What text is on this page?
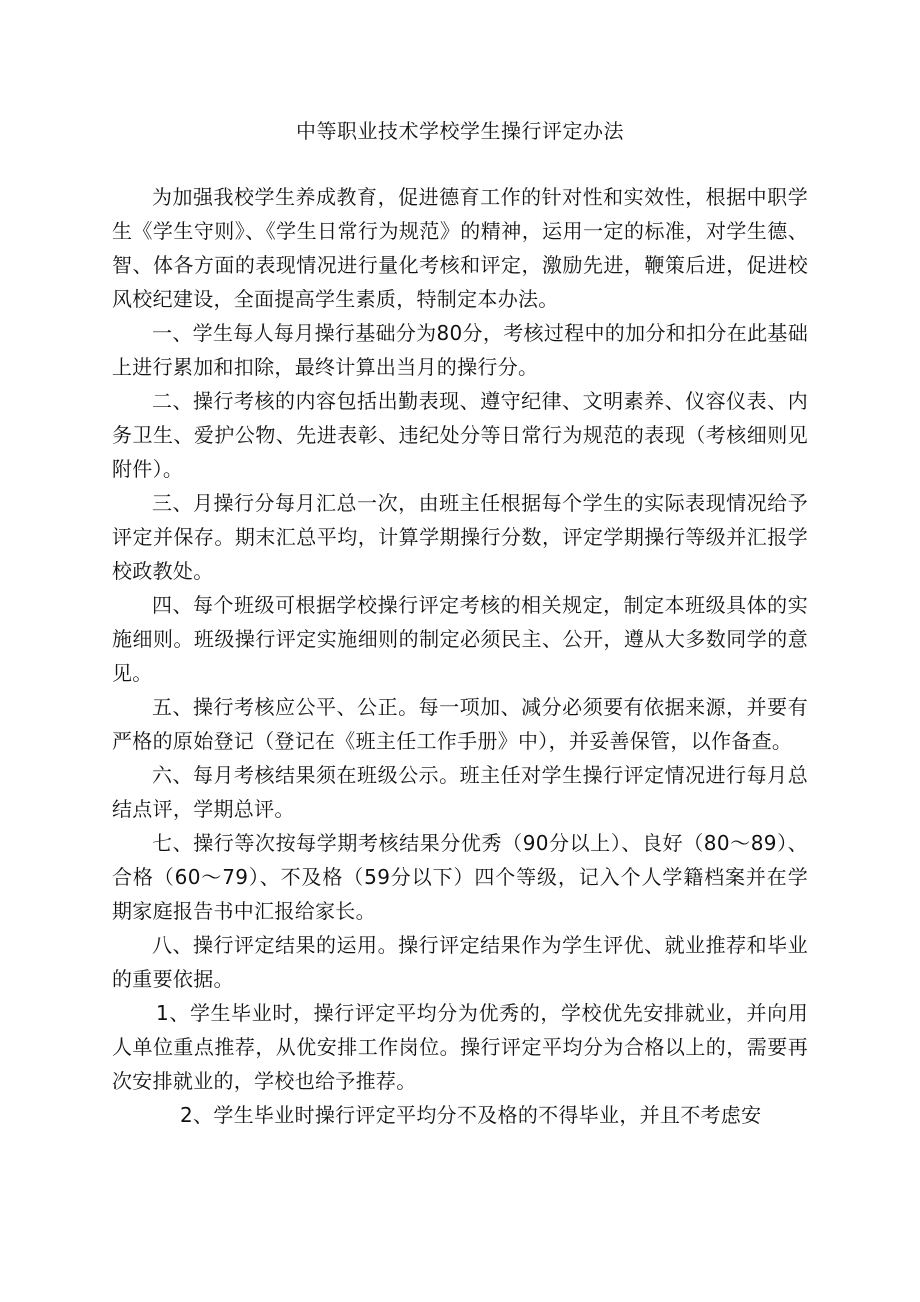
中等职业技术学校学生操行评定办法

为加强我校学生养成教育，促进德育工作的针对性和实效性，根据中职学生《学生守则》、《学生日常行为规范》的精神，运用一定的标准，对学生德、智、体各方面的表现情况进行量化考核和评定，激励先进，鞭策后进，促进校风校纪建设，全面提高学生素质，特制定本办法。

一、学生每人每月操行基础分为80分，考核过程中的加分和扣分在此基础上进行累加和扣除，最终计算出当月的操行分。

二、操行考核的内容包括出勤表现、遵守纪律、文明素养、仪容仪表、内务卫生、爱护公物、先进表彰、违纪处分等日常行为规范的表现（考核细则见附件）。

三、月操行分每月汇总一次，由班主任根据每个学生的实际表现情况给予评定并保存。期末汇总平均，计算学期操行分数，评定学期操行等级并汇报学校政教处。

四、每个班级可根据学校操行评定考核的相关规定，制定本班级具体的实施细则。班级操行评定实施细则的制定必须民主、公开，遵从大多数同学的意见。

五、操行考核应公平、公正。每一项加、减分必须要有依据来源，并要有严格的原始登记（登记在《班主任工作手册》中），并妥善保管，以作备查。

六、每月考核结果须在班级公示。班主任对学生操行评定情况进行每月总结点评，学期总评。

七、操行等次按每学期考核结果分优秀（90分以上）、良好（80～89）、合格（60～79）、不及格（59分以下）四个等级，记入个人学籍档案并在学期家庭报告书中汇报给家长。

八、操行评定结果的运用。操行评定结果作为学生评优、就业推荐和毕业的重要依据。

1、学生毕业时，操行评定平均分为优秀的，学校优先安排就业，并向用人单位重点推荐，从优安排工作岗位。操行评定平均分为合格以上的，需要再次安排就业的，学校也给予推荐。

2、学生毕业时操行评定平均分不及格的不得毕业，并且不考虑安
